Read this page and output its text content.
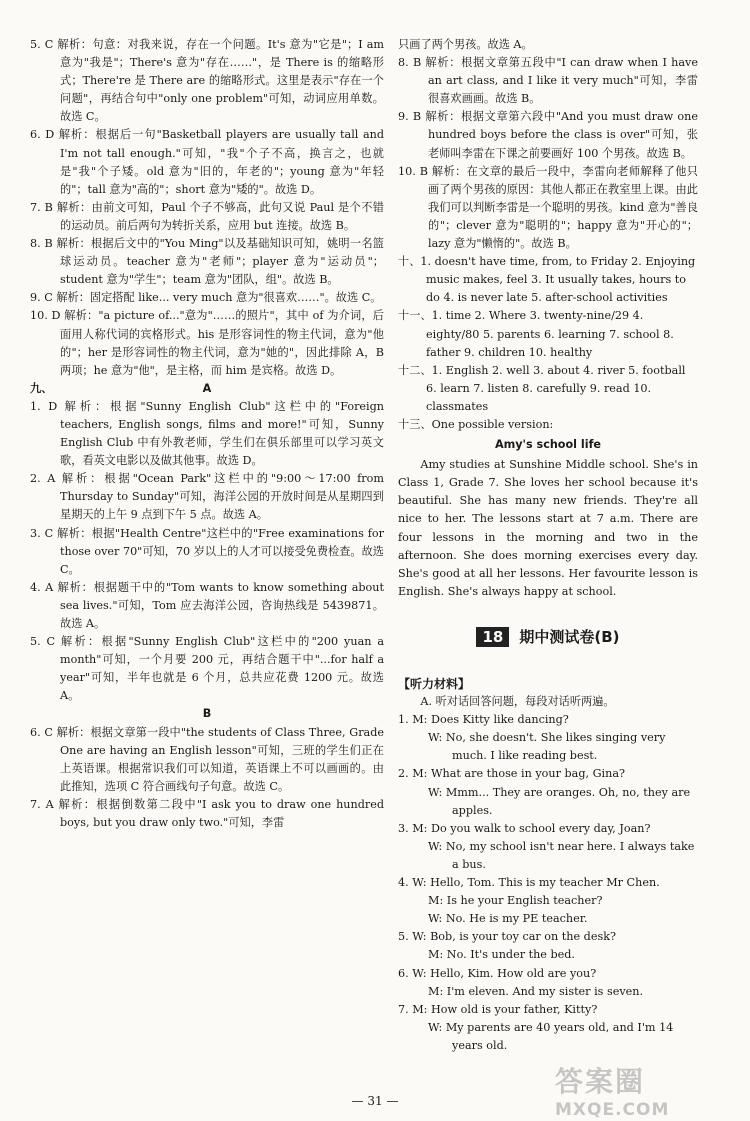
5. C 解析：句意：对我来说，存在一个问题。It's 意为"它是"；I am 意为"我是"；There's 意为"存在……"，是 There is 的缩略形式；There're 是 There are 的缩略形式。这里是表示"存在一个问题"，再结合句中"only one problem"可知，动词应用单数。故选 C。

6. D 解析：根据后一句"Basketball players are usually tall and I'm not tall enough."可知，"我"个子不高，换言之，也就是"我"个子矮。old 意为"旧的，年老的"；young 意为"年轻的"；tall 意为"高的"；short 意为"矮的"。故选 D。

7. B 解析：由前文可知，Paul 个子不够高，此句又说 Paul 是个不错的运动员。前后两句为转折关系，应用 but 连接。故选 B。

8. B 解析：根据后文中的"You Ming"以及基础知识可知，姚明一名篮球运动员。teacher 意为"老师"；player 意为"运动员"；student 意为"学生"；team 意为"团队，组"。故选 B。

9. C 解析：固定搭配 like... very much 意为"很喜欢……"。故选 C。

10. D 解析："a picture of..."意为"……的照片"，其中 of 为介词，后面用人称代词的宾格形式。his 是形容词性的物主代词，意为"他的"；her 是形容词性的物主代词，意为"她的"，因此排除 A，B 两项；he 意为"他"，是主格，而 him 是宾格。故选 D。

九、	A

1. D 解析：根据"Sunny English Club"这栏中的"Foreign teachers, English songs, films and more!"可知，Sunny English Club 中有外教老师，学生们在俱乐部里可以学习英文歌，看英文电影以及做其他事。故选 D。

2. A 解析：根据"Ocean Park"这栏中的"9:00～17:00 from Thursday to Sunday"可知，海洋公园的开放时间是从星期四到星期天的上午 9 点到下午 5 点。故选 A。

3. C 解析：根据"Health Centre"这栏中的"Free examinations for those over 70"可知，70 岁以上的人才可以接受免费检查。故选 C。

4. A 解析：根据题干中的"Tom wants to know something about sea lives."可知，Tom 应去海洋公园，咨询热线是 5439871。故选 A。

5. C 解析：根据"Sunny English Club"这栏中的"200 yuan a month"可知，一个月要 200 元，再结合题干中"...for half a year"可知，半年也就是 6 个月，总共应花费 1200 元。故选 A。

B

6. C 解析：根据文章第一段中"the students of Class Three, Grade One are having an English lesson"可知，三班的学生们正在上英语课。根据常识我们可以知道，英语课上不可以画画的。由此推知，选项 C 符合画线句子句意。故选 C。

7. A 解析：根据倒数第二段中"I ask you to draw one hundred boys, but you draw only two."可知，李雷

只画了两个男孩。故选 A。

8. B 解析：根据文章第五段中"I can draw when I have an art class, and I like it very much"可知，李雷很喜欢画画。故选 B。

9. B 解析：根据文章第六段中"And you must draw one hundred boys before the class is over"可知，张老师叫李雷在下课之前要画好 100 个男孩。故选 B。

10. B 解析：在文章的最后一段中，李雷向老师解释了他只画了两个男孩的原因：其他人都正在教室里上课。由此我们可以判断李雷是一个聪明的男孩。kind 意为"善良的"；clever 意为"聪明的"；happy 意为"开心的"；lazy 意为"懒惰的"。故选 B。

十、1. doesn't have time, from, to Friday 2. Enjoying music makes, feel 3. It usually takes, hours to do 4. is never late 5. after-school activities

十一、1. time 2. Where 3. twenty-nine/29 4. eighty/80 5. parents 6. learning 7. school 8. father 9. children 10. healthy

十二、1. English 2. well 3. about 4. river 5. football 6. learn 7. listen 8. carefully 9. read 10. classmates

十三、One possible version:

Amy's school life

Amy studies at Sunshine Middle school. She's in Class 1, Grade 7. She loves her school because it's beautiful. She has many new friends. They're all nice to her. The lessons start at 7 a.m. There are four lessons in the morning and two in the afternoon. She does morning exercises every day. She's good at all her lessons. Her favourite lesson is English. She's always happy at school.

18 期中测试卷(B)

【听力材料】

A. 听对话回答问题，每段对话听两遍。

1. M: Does Kitty like dancing?

W: No, she doesn't. She likes singing very much. I like reading best.

2. M: What are those in your bag, Gina?

W: Mmm... They are oranges. Oh, no, they are apples.

3. M: Do you walk to school every day, Joan?

W: No, my school isn't near here. I always take a bus.

4. W: Hello, Tom. This is my teacher Mr Chen.

M: Is he your English teacher?

W: No. He is my PE teacher.

5. W: Bob, is your toy car on the desk?

M: No. It's under the bed.

6. W: Hello, Kim. How old are you?

M: I'm eleven. And my sister is seven.

7. M: How old is your father, Kitty?

W: My parents are 40 years old, and I'm 14 years old.

— 31 —
答案圈
MXQE.COM
